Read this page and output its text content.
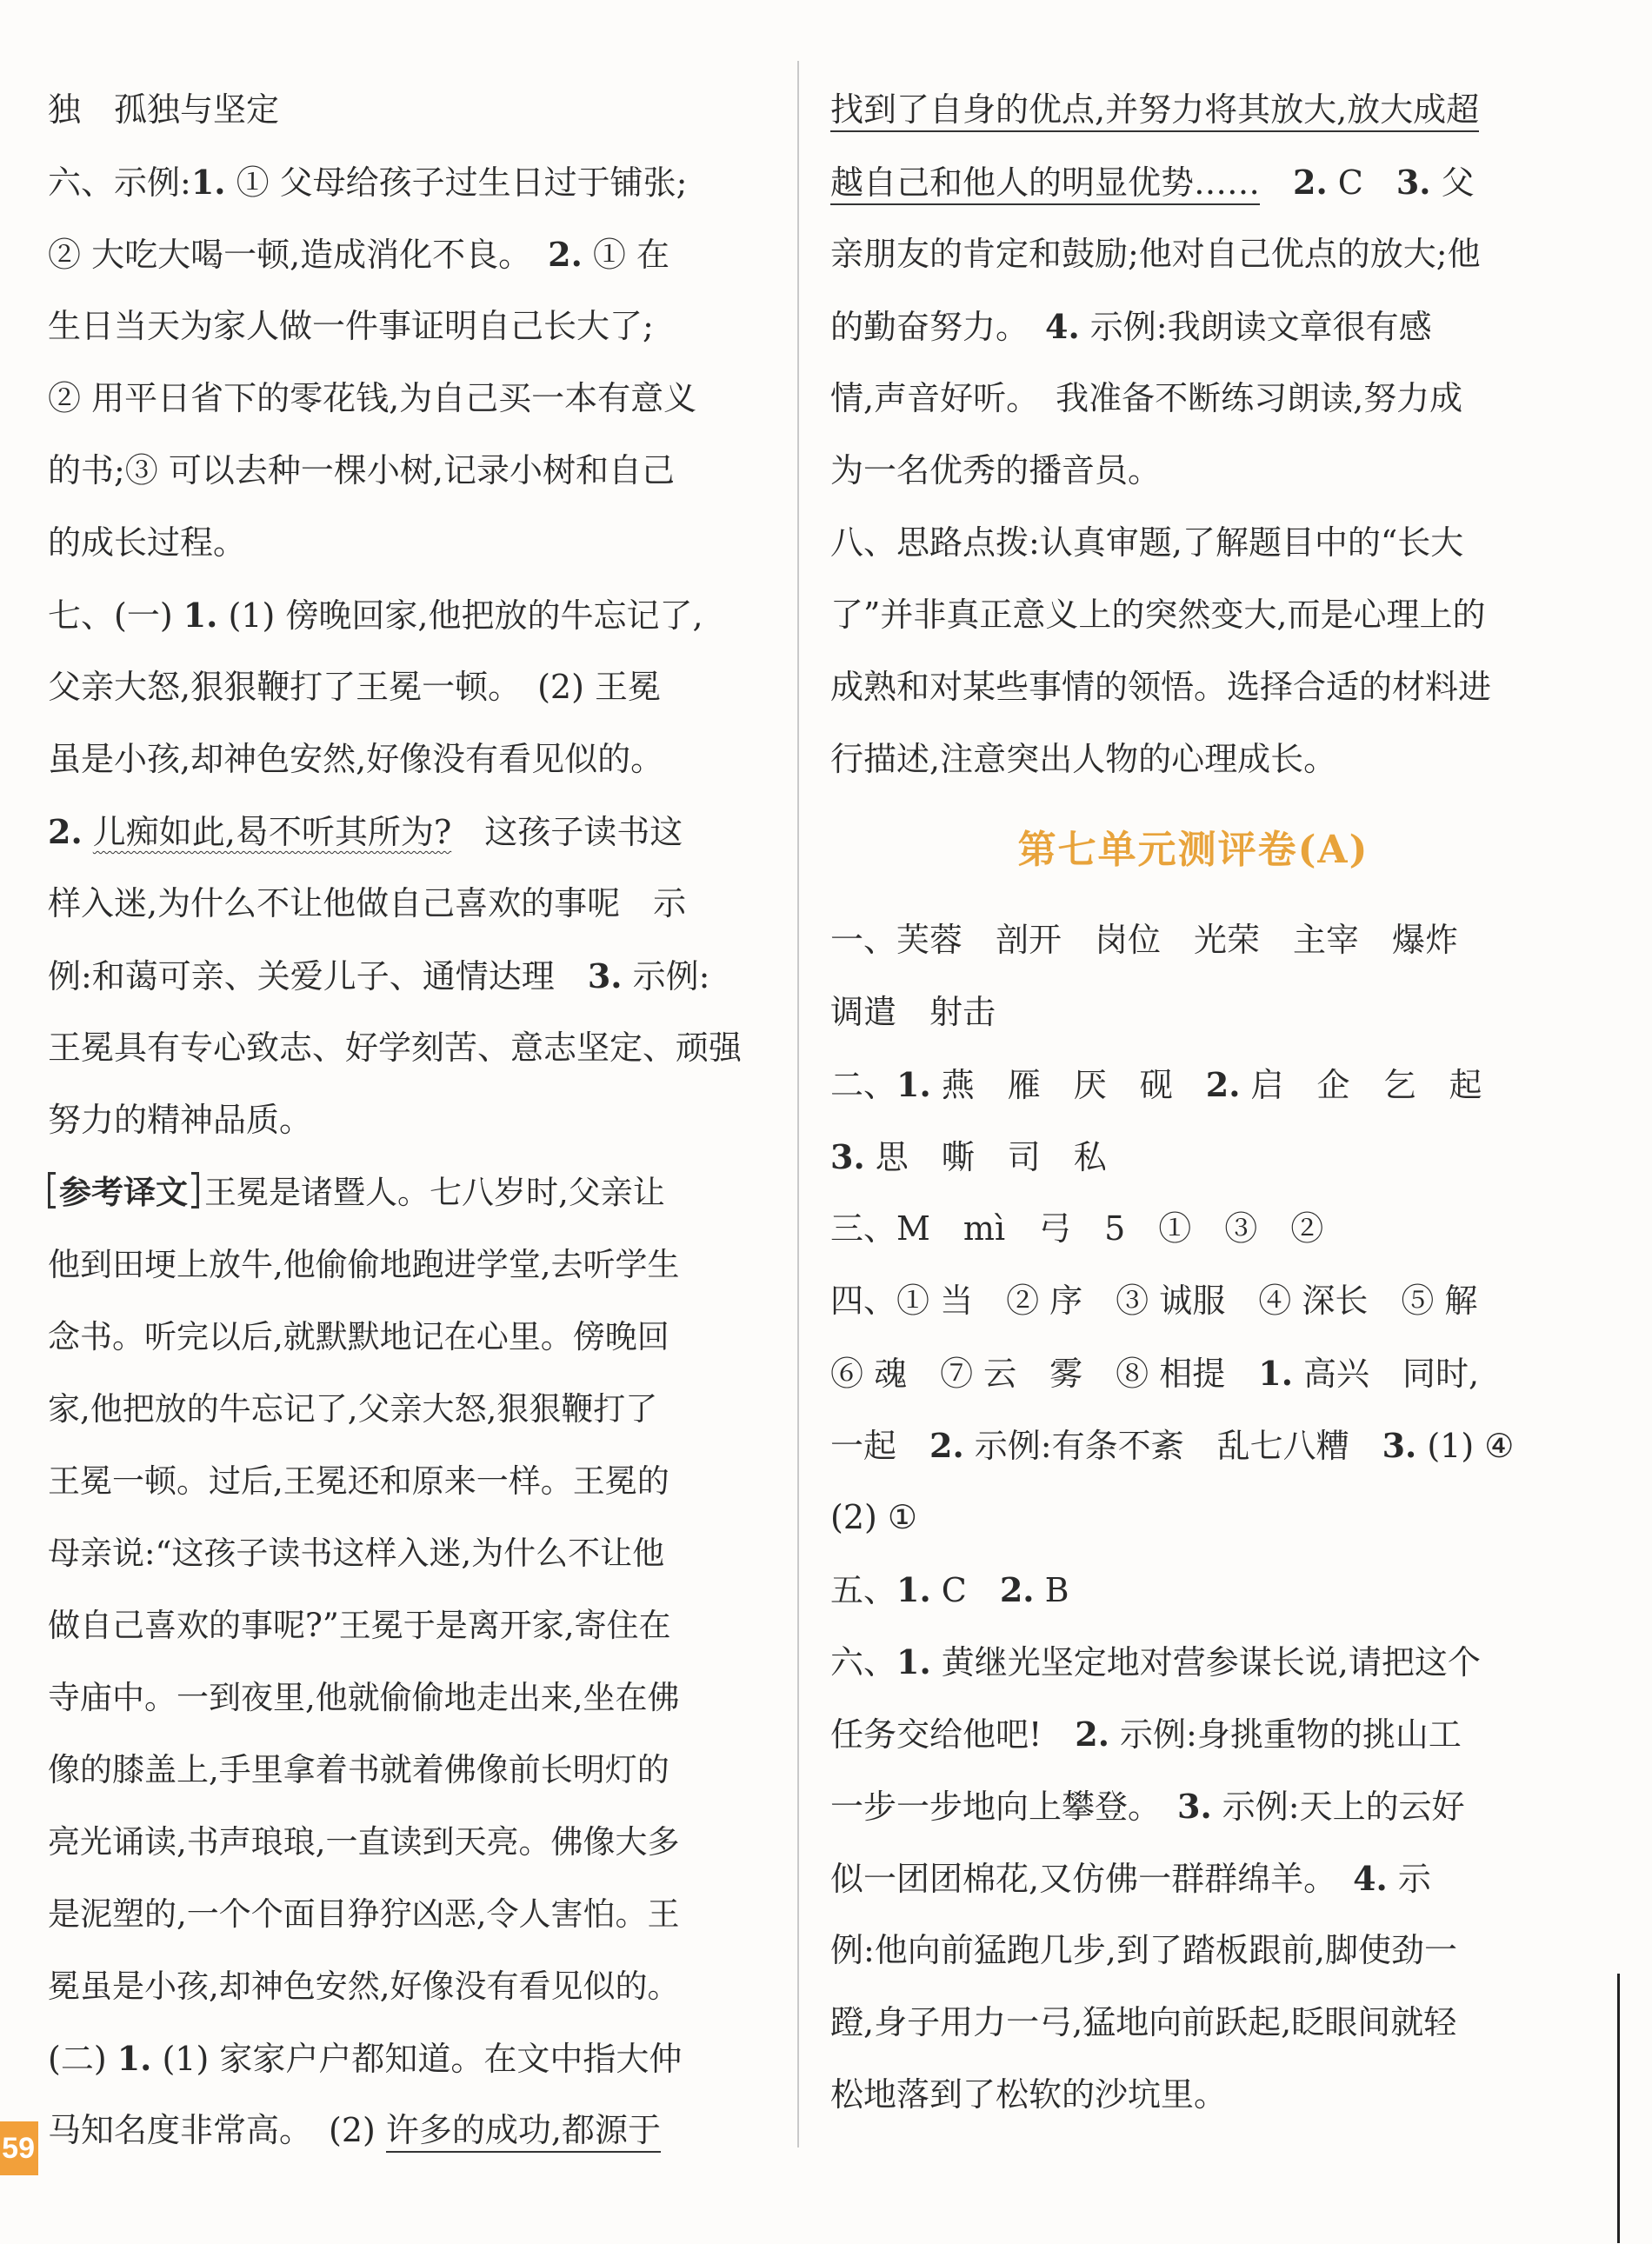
独　孤独与坚定
六、示例:1. ① 父母给孩子过生日过于铺张;
② 大吃大喝一顿,造成消化不良。　2. ① 在
生日当天为家人做一件事证明自己长大了;
② 用平日省下的零花钱,为自己买一本有意义
的书;③ 可以去种一棵小树,记录小树和自己
的成长过程。
七、(一) 1. (1) 傍晚回家,他把放的牛忘记了,
父亲大怒,狠狠鞭打了王冕一顿。　(2) 王冕
虽是小孩,却神色安然,好像没有看见似的。
2. 儿痴如此,曷不听其所为?　这孩子读书这
样入迷,为什么不让他做自己喜欢的事呢　示
例:和蔼可亲、关爱儿子、通情达理　3. 示例:
王冕具有专心致志、好学刻苦、意志坚定、顽强
努力的精神品质。
参考译文 王冕是诸暨人。七八岁时,父亲让
他到田埂上放牛,他偷偷地跑进学堂,去听学生
念书。听完以后,就默默地记在心里。傍晚回
家,他把放的牛忘记了,父亲大怒,狠狠鞭打了
王冕一顿。过后,王冕还和原来一样。王冕的
母亲说:“这孩子读书这样入迷,为什么不让他
做自己喜欢的事呢?”王冕于是离开家,寄住在
寺庙中。一到夜里,他就偷偷地走出来,坐在佛
像的膝盖上,手里拿着书就着佛像前长明灯的
亮光诵读,书声琅琅,一直读到天亮。佛像大多
是泥塑的,一个个面目狰狞凶恶,令人害怕。王
冕虽是小孩,却神色安然,好像没有看见似的。
(二) 1. (1) 家家户户都知道。在文中指大仲
马知名度非常高。　(2) 许多的成功,都源于
找到了自身的优点,并努力将其放大,放大成超
越自己和他人的明显优势……　 2. C　3. 父
亲朋友的肯定和鼓励;他对自己优点的放大;他
的勤奋努力。　4. 示例:我朗读文章很有感
情,声音好听。　我准备不断练习朗读,努力成
为一名优秀的播音员。
八、思路点拨:认真审题,了解题目中的“长大
了”并非真正意义上的突然变大,而是心理上的
成熟和对某些事情的领悟。选择合适的材料进
行描述,注意突出人物的心理成长。
第七单元测评卷(A)
一、芙蓉　剖开　岗位　光荣　主宰　爆炸
调遣　射击
二、1. 燕　雁　厌　砚　2. 启　企　乞　起
3. 思　嘶　司　私
三、M　mì　弓　5　①　③　②
四、① 当　② 序　③ 诚服　④ 深长　⑤ 解
⑥ 魂　⑦ 云　雾　⑧ 相提　1. 高兴　同时,
一起　2. 示例:有条不紊　乱七八糟　3. (1) ④
(2) ①
五、1. C　2. B
六、1. 黄继光坚定地对营参谋长说,请把这个
任务交给他吧!　2. 示例:身挑重物的挑山工
一步一步地向上攀登。　3. 示例:天上的云好
似一团团棉花,又仿佛一群群绵羊。　4. 示
例:他向前猛跑几步,到了踏板跟前,脚使劲一
蹬,身子用力一弓,猛地向前跃起,眨眼间就轻
松地落到了松软的沙坑里。
59
